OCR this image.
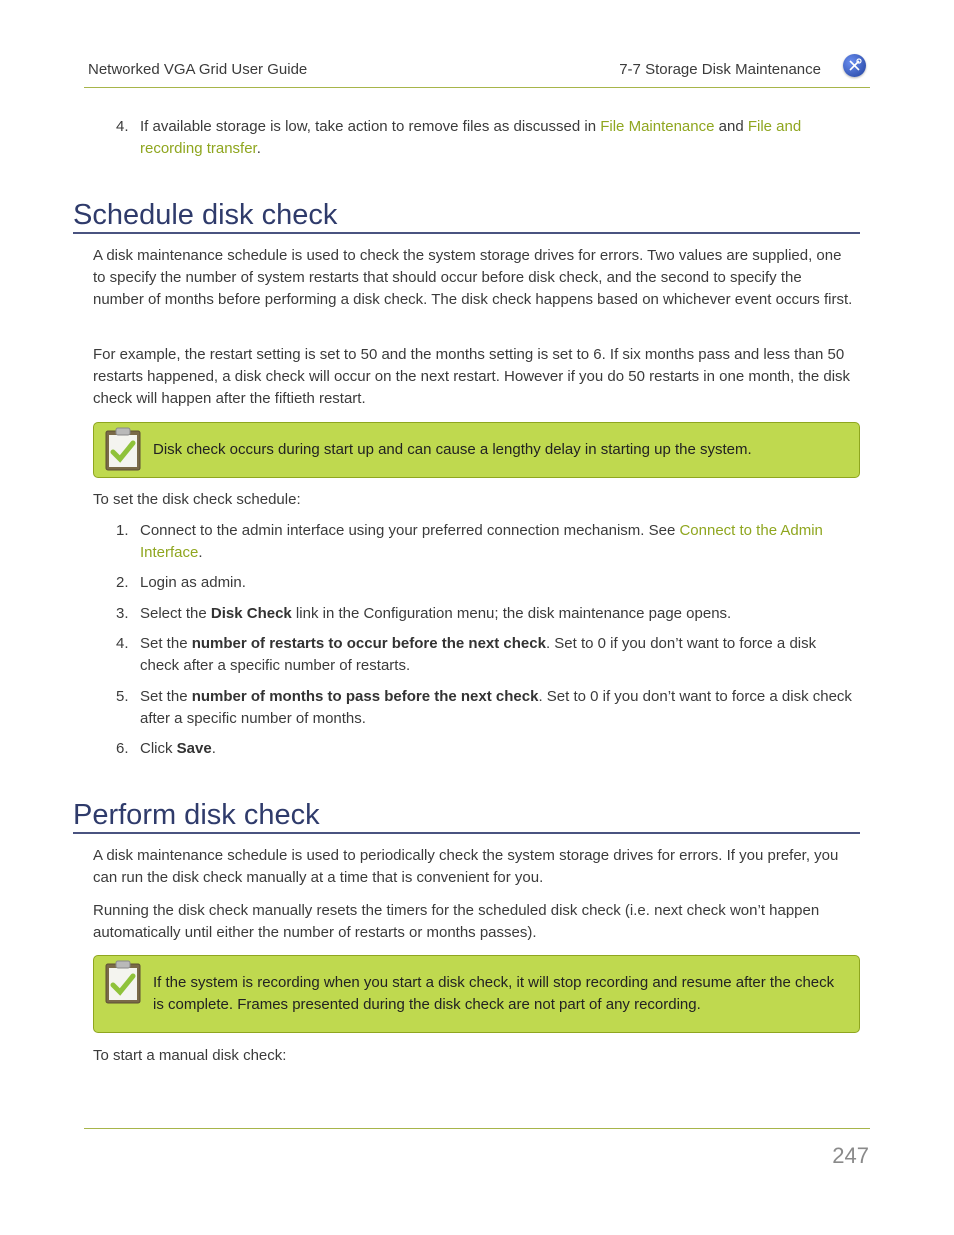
Networked VGA Grid User Guide	7-7 Storage Disk Maintenance
4. If available storage is low, take action to remove files as discussed in File Maintenance and File and recording transfer.
Schedule disk check

A disk maintenance schedule is used to check the system storage drives for errors. Two values are supplied, one to specify the number of system restarts that should occur before disk check, and the second to specify the number of months before performing a disk check. The disk check happens based on whichever event occurs first.

For example, the restart setting is set to 50 and the months setting is set to 6. If six months pass and less than 50 restarts happened, a disk check will occur on the next restart. However if you do 50 restarts in one month, the disk check will happen after the fiftieth restart.

Disk check occurs during start up and can cause a lengthy delay in starting up the system.

To set the disk check schedule:

1. Connect to the admin interface using your preferred connection mechanism. See Connect to the Admin Interface.
2. Login as admin.
3. Select the Disk Check link in the Configuration menu; the disk maintenance page opens.
4. Set the number of restarts to occur before the next check. Set to 0 if you don’t want to force a disk check after a specific number of restarts.
5. Set the number of months to pass before the next check. Set to 0 if you don’t want to force a disk check after a specific number of months.
6. Click Save.
Perform disk check

A disk maintenance schedule is used to periodically check the system storage drives for errors. If you prefer, you can run the disk check manually at a time that is convenient for you.

Running the disk check manually resets the timers for the scheduled disk check (i.e. next check won’t happen automatically until either the number of restarts or months passes).

If the system is recording when you start a disk check, it will stop recording and resume after the check is complete. Frames presented during the disk check are not part of any recording.

To start a manual disk check:

247
